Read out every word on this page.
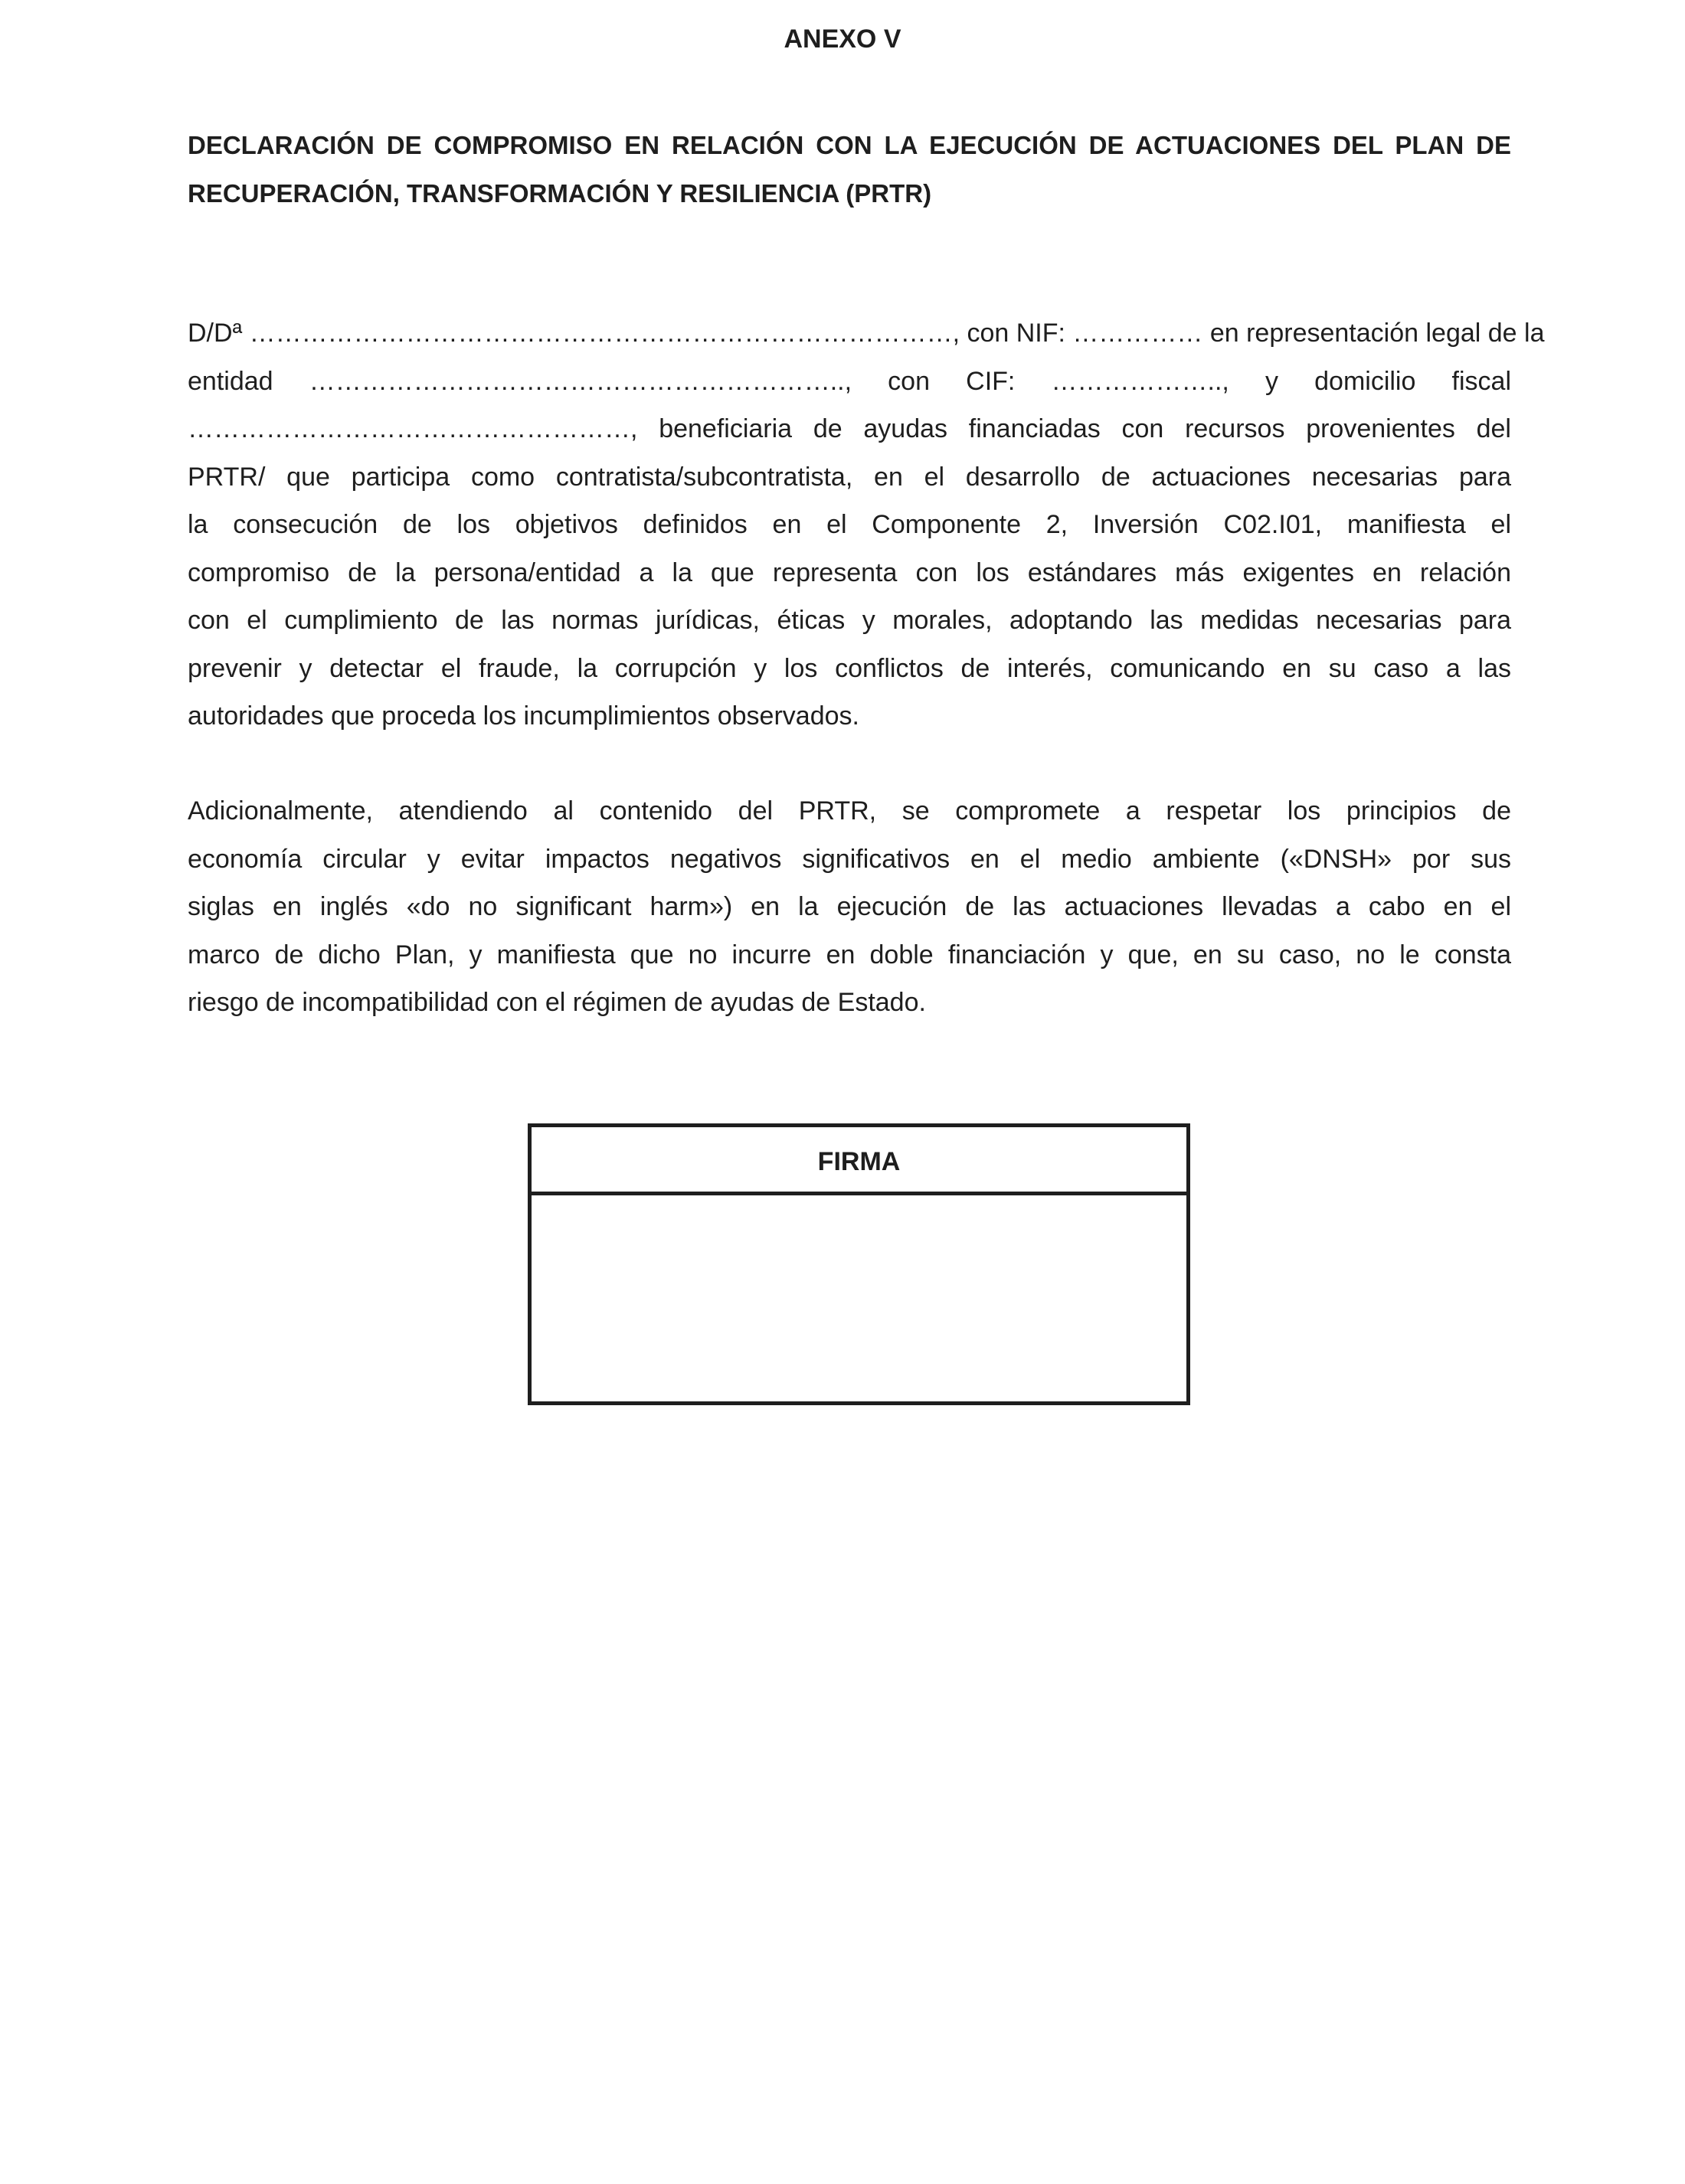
ANEXO V
DECLARACIÓN DE COMPROMISO EN RELACIÓN CON LA EJECUCIÓN DE ACTUACIONES DEL PLAN DE
RECUPERACIÓN, TRANSFORMACIÓN Y RESILIENCIA (PRTR)
D/Dª ………………………………………………………………………, con NIF: …………… en representación legal de la
entidad …………………………………………………….., con CIF: ……………….., y domicilio fiscal
……………………………………………, beneficiaria de ayudas financiadas con recursos provenientes del
PRTR/ que participa como contratista/subcontratista, en el desarrollo de actuaciones necesarias para
la consecución de los objetivos definidos en el Componente 2, Inversión C02.I01, manifiesta el
compromiso de la persona/entidad a la que representa con los estándares más exigentes en relación
con el cumplimiento de las normas jurídicas, éticas y morales, adoptando las medidas necesarias para
prevenir y detectar el fraude, la corrupción y los conflictos de interés, comunicando en su caso a las
autoridades que proceda los incumplimientos observados.
Adicionalmente, atendiendo al contenido del PRTR, se compromete a respetar los principios de
economía circular y evitar impactos negativos significativos en el medio ambiente («DNSH» por sus
siglas en inglés «do no significant harm») en la ejecución de las actuaciones llevadas a cabo en el
marco de dicho Plan, y manifiesta que no incurre en doble financiación y que, en su caso, no le consta
riesgo de incompatibilidad con el régimen de ayudas de Estado.
FIRMA
